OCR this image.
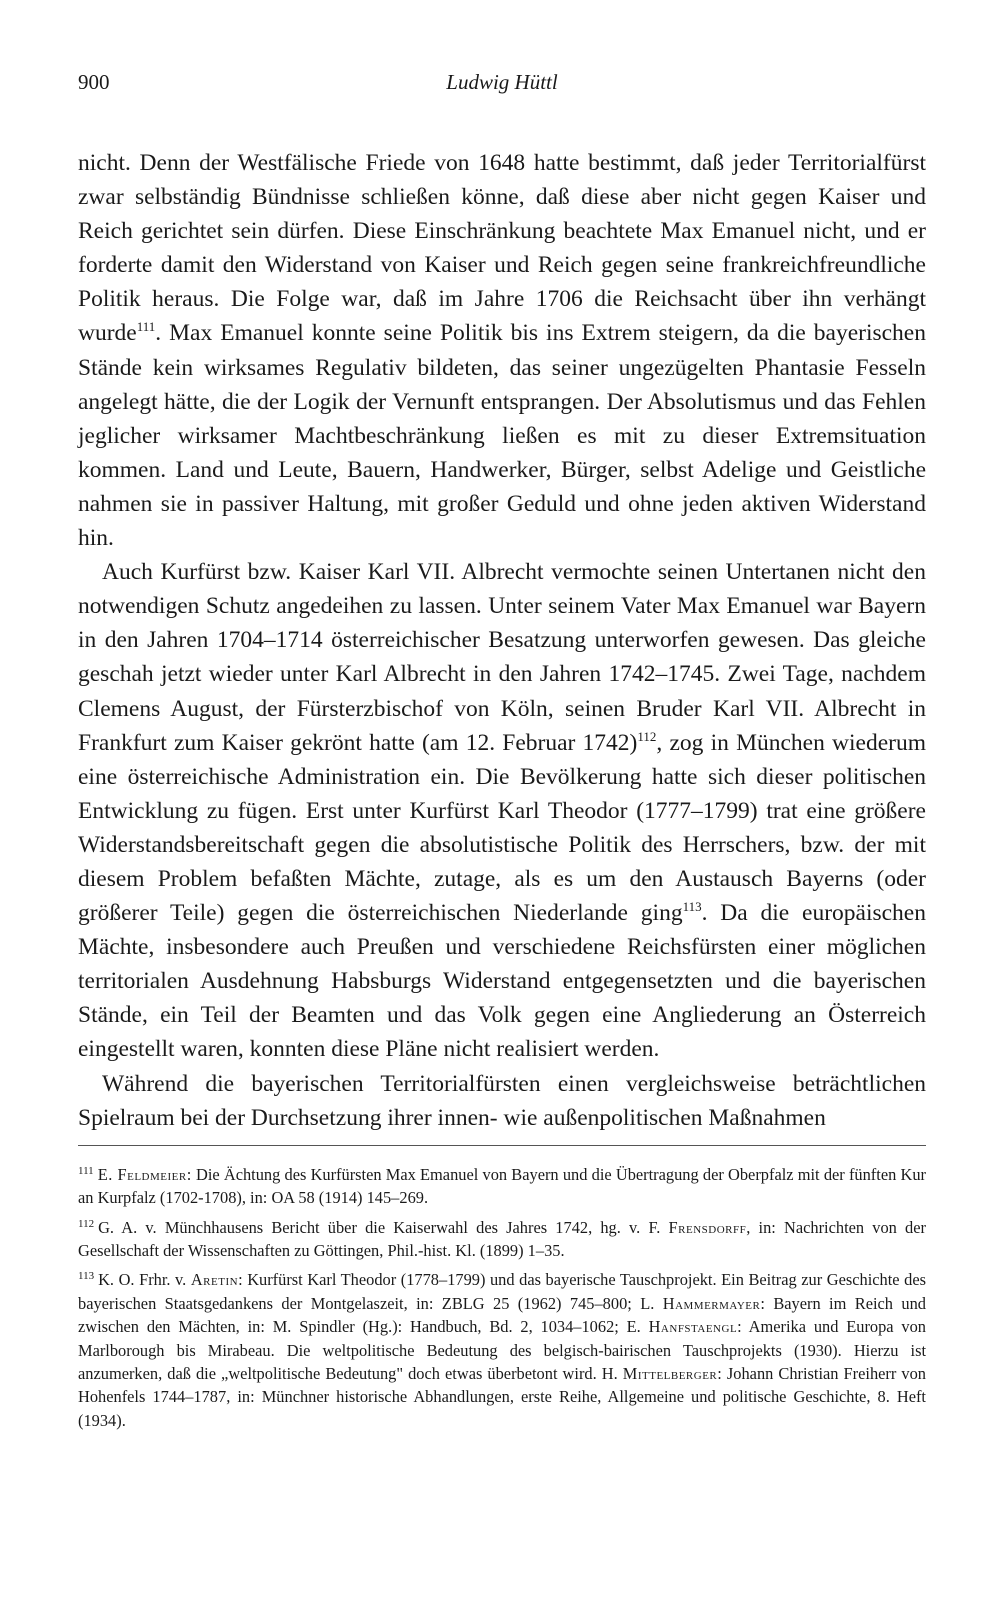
900	Ludwig Hüttl

nicht. Denn der Westfälische Friede von 1648 hatte bestimmt, daß jeder Territorialfürst zwar selbständig Bündnisse schließen könne, daß diese aber nicht gegen Kaiser und Reich gerichtet sein dürfen. Diese Einschränkung beachtete Max Emanuel nicht, und er forderte damit den Widerstand von Kaiser und Reich gegen seine frankreichfreundliche Politik heraus. Die Folge war, daß im Jahre 1706 die Reichsacht über ihn verhängt wurde$^{111}$. Max Emanuel konnte seine Politik bis ins Extrem steigern, da die bayerischen Stände kein wirksames Regulativ bildeten, das seiner ungezügelten Phantasie Fesseln angelegt hätte, die der Logik der Vernunft entsprangen. Der Absolutismus und das Fehlen jeglicher wirksamer Machtbeschränkung ließen es mit zu dieser Extremsituation kommen. Land und Leute, Bauern, Handwerker, Bürger, selbst Adelige und Geistliche nahmen sie in passiver Haltung, mit großer Geduld und ohne jeden aktiven Widerstand hin.

Auch Kurfürst bzw. Kaiser Karl VII. Albrecht vermochte seinen Untertanen nicht den notwendigen Schutz angedeihen zu lassen. Unter seinem Vater Max Emanuel war Bayern in den Jahren 1704–1714 österreichischer Besatzung unterworfen gewesen. Das gleiche geschah jetzt wieder unter Karl Albrecht in den Jahren 1742–1745. Zwei Tage, nachdem Clemens August, der Fürsterzbischof von Köln, seinen Bruder Karl VII. Albrecht in Frankfurt zum Kaiser gekrönt hatte (am 12. Februar 1742)$^{112}$, zog in München wiederum eine österreichische Administration ein. Die Bevölkerung hatte sich dieser politischen Entwicklung zu fügen. Erst unter Kurfürst Karl Theodor (1777–1799) trat eine größere Widerstandsbereitschaft gegen die absolutistische Politik des Herrschers, bzw. der mit diesem Problem befaßten Mächte, zutage, als es um den Austausch Bayerns (oder größerer Teile) gegen die österreichischen Niederlande ging$^{113}$. Da die europäischen Mächte, insbesondere auch Preußen und verschiedene Reichsfürsten einer möglichen territorialen Ausdehnung Habsburgs Widerstand entgegensetzten und die bayerischen Stände, ein Teil der Beamten und das Volk gegen eine Angliederung an Österreich eingestellt waren, konnten diese Pläne nicht realisiert werden.

Während die bayerischen Territorialfürsten einen vergleichsweise beträchtlichen Spielraum bei der Durchsetzung ihrer innen- wie außenpolitischen Maßnahmen

$^{111}$ E. Feldmeier: Die Ächtung des Kurfürsten Max Emanuel von Bayern und die Übertragung der Oberpfalz mit der fünften Kur an Kurpfalz (1702-1708), in: OA 58 (1914) 145–269.

$^{112}$ G. A. v. Münchhausens Bericht über die Kaiserwahl des Jahres 1742, hg. v. F. Frensdorff, in: Nachrichten von der Gesellschaft der Wissenschaften zu Göttingen, Phil.-hist. Kl. (1899) 1–35.

$^{113}$ K. O. Frhr. v. Aretin: Kurfürst Karl Theodor (1778–1799) und das bayerische Tauschprojekt. Ein Beitrag zur Geschichte des bayerischen Staatsgedankens der Montgelaszeit, in: ZBLG 25 (1962) 745–800; L. Hammermayer: Bayern im Reich und zwischen den Mächten, in: M. Spindler (Hg.): Handbuch, Bd. 2, 1034–1062; E. Hanfstaengl: Amerika und Europa von Marlborough bis Mirabeau. Die weltpolitische Bedeutung des belgisch-bairischen Tauschprojekts (1930). Hierzu ist anzumerken, daß die „weltpolitische Bedeutung" doch etwas überbetont wird. H. Mittelberger: Johann Christian Freiherr von Hohenfels 1744–1787, in: Münchner historische Abhandlungen, erste Reihe, Allgemeine und politische Geschichte, 8. Heft (1934).
